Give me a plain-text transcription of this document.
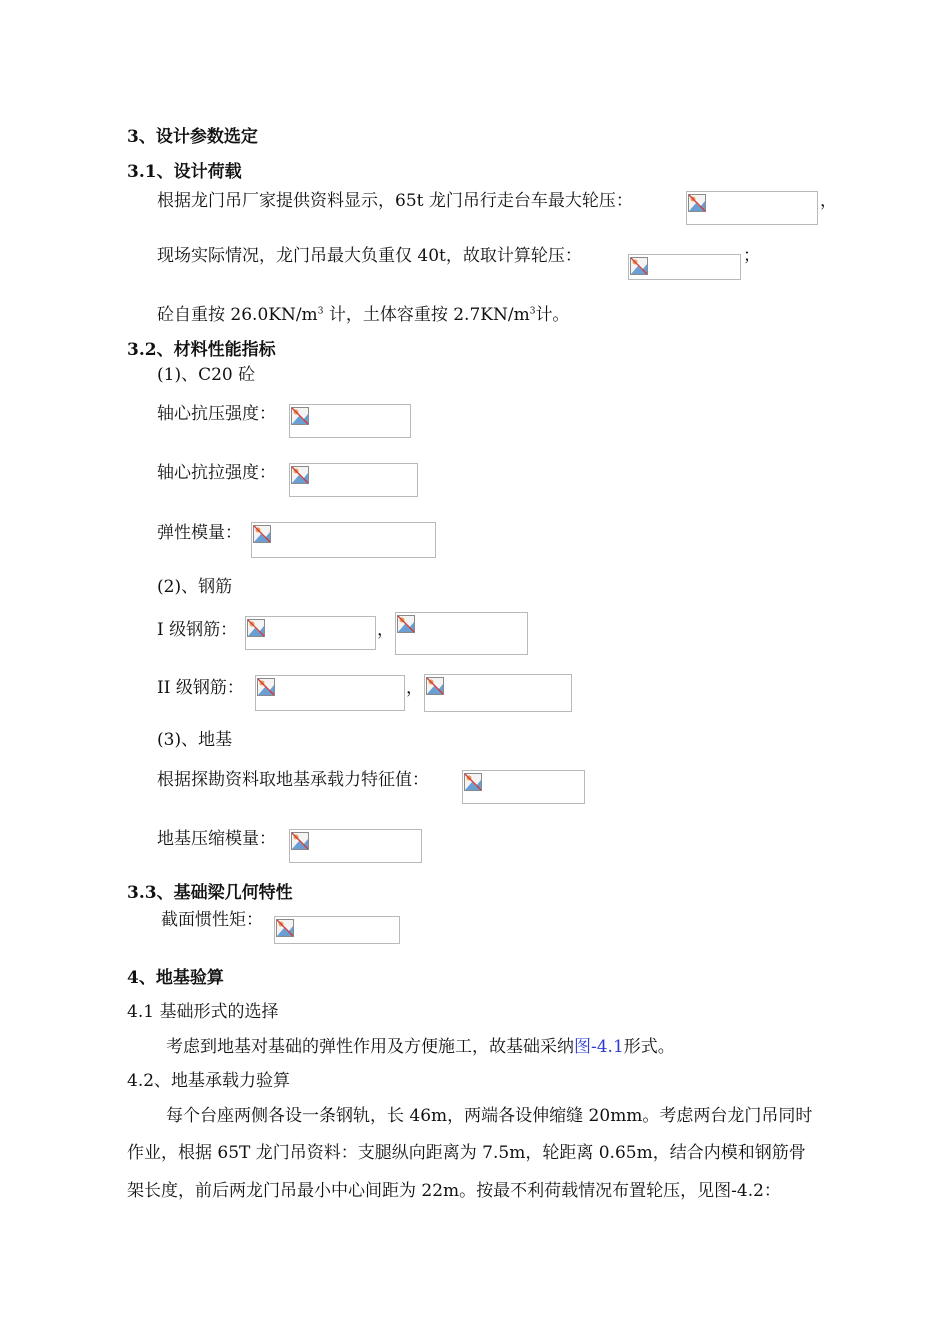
3、设计参数选定
3.1、设计荷载
根据龙门吊厂家提供资料显示，65t 龙门吊行走台车最大轮压：	，
现场实际情况，龙门吊最大负重仅 40t，故取计算轮压：	；
砼自重按 $26.0KN/m^3$ 计，土体容重按 $2.7KN/m^3$计。
3.2、材料性能指标
(1)、C20 砼
轴心抗压强度：
轴心抗拉强度：
弹性模量：
(2)、钢筋
I 级钢筋：	，
II 级钢筋：	，
(3)、地基
根据探勘资料取地基承载力特征值：
地基压缩模量：
3.3、基础梁几何特性
截面惯性矩：
4、地基验算
4.1 基础形式的选择
考虑到地基对基础的弹性作用及方便施工，故基础采纳图-4.1形式。
4.2、地基承载力验算
每个台座两侧各设一条钢轨，长 46m，两端各设伸缩缝 20mm。考虑两台龙门吊同时
作业，根据 65T 龙门吊资料：支腿纵向距离为 7.5m，轮距离 0.65m，结合内模和钢筋骨
架长度，前后两龙门吊最小中心间距为 22m。按最不利荷载情况布置轮压，见图-4.2：
